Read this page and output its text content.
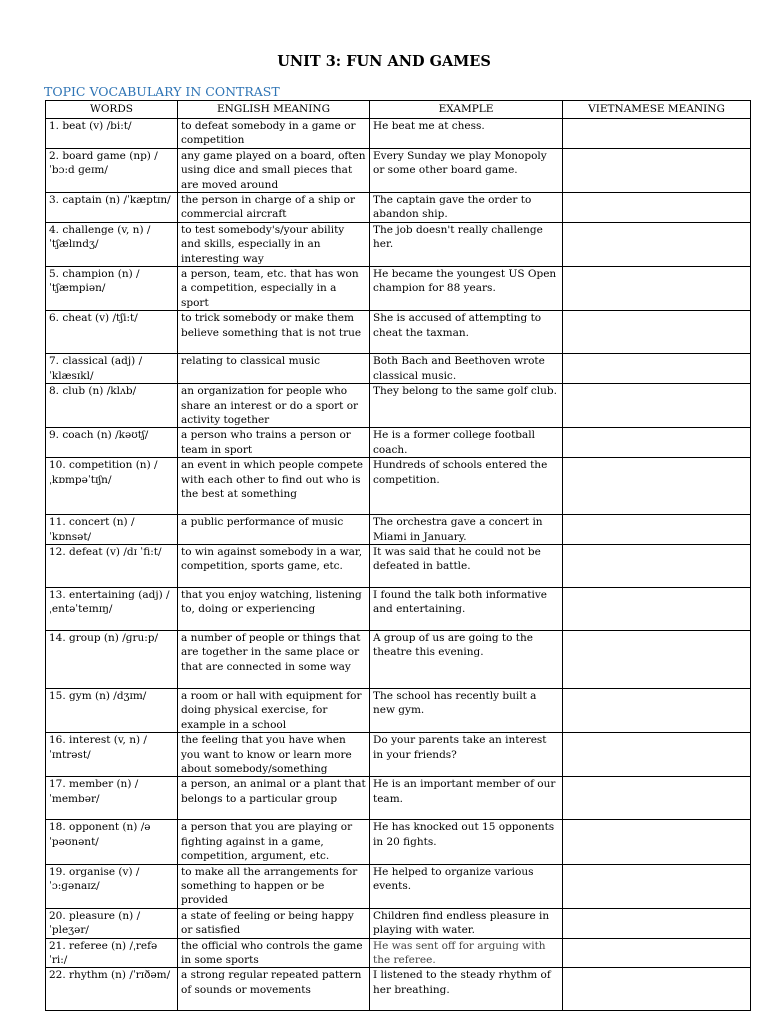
UNIT 3: FUN AND GAMES
TOPIC VOCABULARY IN CONTRAST
WORDS	ENGLISH MEANING	EXAMPLE	VIETNAMESE MEANING
1. beat (v) /bi:t/	to defeat somebody in a game or competition	He beat me at chess.	
2. board game (np) /ˈbɔ:d ɡeɪm/	any game played on a board, often using dice and small pieces that are moved around	Every Sunday we play Monopoly or some other board game.	
3. captain (n) /ˈkæptɪn/	the person in charge of a ship or commercial aircraft	The captain gave the order to abandon ship.	
4. challenge (v, n) /ˈtʃælɪndʒ/	to test somebody's/your ability and skills, especially in an interesting way	The job doesn't really challenge her.	
5. champion (n) /ˈtʃæmpiən/	a person, team, etc. that has won a competition, especially in a sport	He became the youngest US Open champion for 88 years.	
6. cheat (v) /tʃi:t/	to trick somebody or make them believe something that is not true	She is accused of attempting to cheat the taxman.	
7. classical (adj) /ˈklæsɪkl/	relating to classical music	Both Bach and Beethoven wrote classical music.	
8. club (n) /klʌb/	an organization for people who share an interest or do a sport or activity together	They belong to the same golf club.	
9. coach (n) /kəʊtʃ/	a person who trains a person or team in sport	He is a former college football coach.	
10. competition (n) /ˌkɒmpəˈtɪʃn/	an event in which people compete with each other to find out who is the best at something	Hundreds of schools entered the competition.	
11. concert (n) /ˈkɒnsət/	a public performance of music	The orchestra gave a concert in Miami in January.	
12. defeat (v) /dɪ ˈfi:t/	to win against somebody in a war, competition, sports game, etc.	It was said that he could not be defeated in battle.	
13. entertaining (adj) /ˌentəˈteɪnɪŋ/	that you enjoy watching, listening to, doing or experiencing	I found the talk both informative and entertaining.	
14. group (n) /ɡru:p/	a number of people or things that are together in the same place or that are connected in some way	A group of us are going to the theatre this evening.	
15. gym (n) /dʒɪm/	a room or hall with equipment for doing physical exercise, for example in a school	The school has recently built a new gym.	
16. interest (v, n) /ˈɪntrəst/	the feeling that you have when you want to know or learn more about somebody/something	Do your parents take an interest in your friends?	
17. member (n) /ˈmembər/	a person, an animal or a plant that belongs to a particular group	He is an important member of our team.	
18. opponent (n) /ə ˈpəʊnənt/	a person that you are playing or fighting against in a game, competition, argument, etc.	He has knocked out 15 opponents in 20 fights.	
19. organise (v) /ˈɔ:ɡənaɪz/	to make all the arrangements for something to happen or be provided	He helped to organize various events.	
20. pleasure (n) /ˈpleʒər/	a state of feeling or being happy or satisfied	Children find endless pleasure in playing with water.	
21. referee (n) /ˌrefə ˈri:/	the official who controls the game in some sports	He was sent off for arguing with the referee.	
22. rhythm (n) /ˈrɪðəm/	a strong regular repeated pattern of sounds or movements	I listened to the steady rhythm of her breathing.	
